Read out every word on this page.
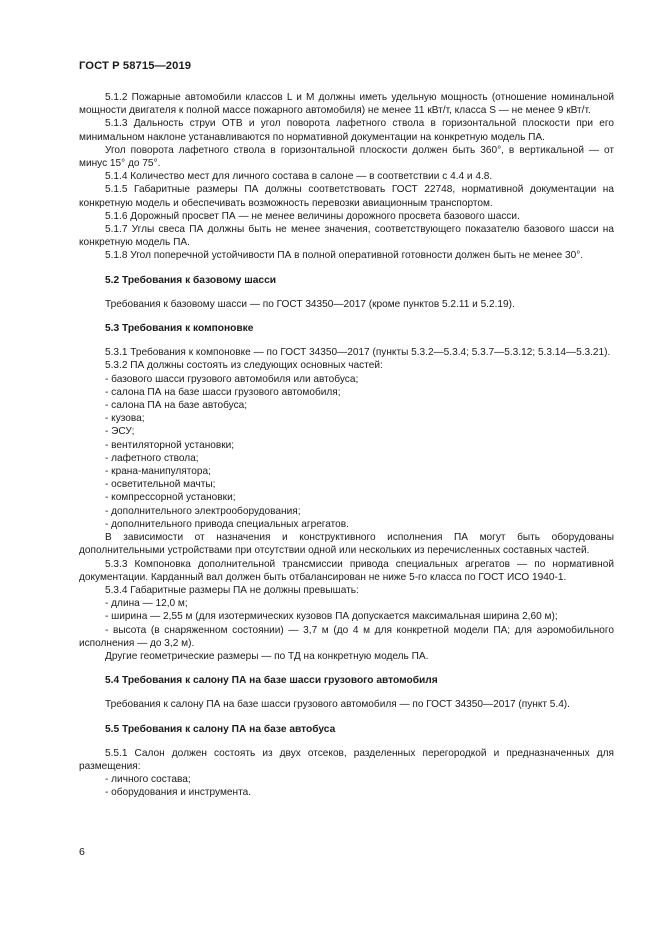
ГОСТ Р 58715—2019
5.1.2 Пожарные автомобили классов L и М должны иметь удельную мощность (отношение номинальной мощности двигателя к полной массе пожарного автомобиля) не менее 11 кВт/т, класса S — не менее 9 кВт/т.
5.1.3 Дальность струи ОТВ и угол поворота лафетного ствола в горизонтальной плоскости при его минимальном наклоне устанавливаются по нормативной документации на конкретную модель ПА.
Угол поворота лафетного ствола в горизонтальной плоскости должен быть 360°, в вертикальной — от минус 15° до 75°.
5.1.4 Количество мест для личного состава в салоне — в соответствии с 4.4 и 4.8.
5.1.5 Габаритные размеры ПА должны соответствовать ГОСТ 22748, нормативной документации на конкретную модель и обеспечивать возможность перевозки авиационным транспортом.
5.1.6 Дорожный просвет ПА — не менее величины дорожного просвета базового шасси.
5.1.7 Углы свеса ПА должны быть не менее значения, соответствующего показателю базового шасси на конкретную модель ПА.
5.1.8 Угол поперечной устойчивости ПА в полной оперативной готовности должен быть не менее 30°.
5.2 Требования к базовому шасси
Требования к базовому шасси — по ГОСТ 34350—2017 (кроме пунктов 5.2.11 и 5.2.19).
5.3 Требования к компоновке
5.3.1 Требования к компоновке — по ГОСТ 34350—2017 (пункты 5.3.2—5.3.4; 5.3.7—5.3.12; 5.3.14—5.3.21).
5.3.2 ПА должны состоять из следующих основных частей:
- базового шасси грузового автомобиля или автобуса;
- салона ПА на базе шасси грузового автомобиля;
- салона ПА на базе автобуса;
- кузова;
- ЭСУ;
- вентиляторной установки;
- лафетного ствола;
- крана-манипулятора;
- осветительной мачты;
- компрессорной установки;
- дополнительного электрооборудования;
- дополнительного привода специальных агрегатов.
В зависимости от назначения и конструктивного исполнения ПА могут быть оборудованы дополнительными устройствами при отсутствии одной или нескольких из перечисленных составных частей.
5.3.3 Компоновка дополнительной трансмиссии привода специальных агрегатов — по нормативной документации. Карданный вал должен быть отбалансирован не ниже 5-го класса по ГОСТ ИСО 1940-1.
5.3.4 Габаритные размеры ПА не должны превышать:
- длина — 12,0 м;
- ширина — 2,55 м (для изотермических кузовов ПА допускается максимальная ширина 2,60 м);
- высота (в снаряженном состоянии) — 3,7 м (до 4 м для конкретной модели ПА; для аэромобильного исполнения — до 3,2 м).
Другие геометрические размеры — по ТД на конкретную модель ПА.
5.4 Требования к салону ПА на базе шасси грузового автомобиля
Требования к салону ПА на базе шасси грузового автомобиля — по ГОСТ 34350—2017 (пункт 5.4).
5.5 Требования к салону ПА на базе автобуса
5.5.1 Салон должен состоять из двух отсеков, разделенных перегородкой и предназначенных для размещения:
- личного состава;
- оборудования и инструмента.
6
